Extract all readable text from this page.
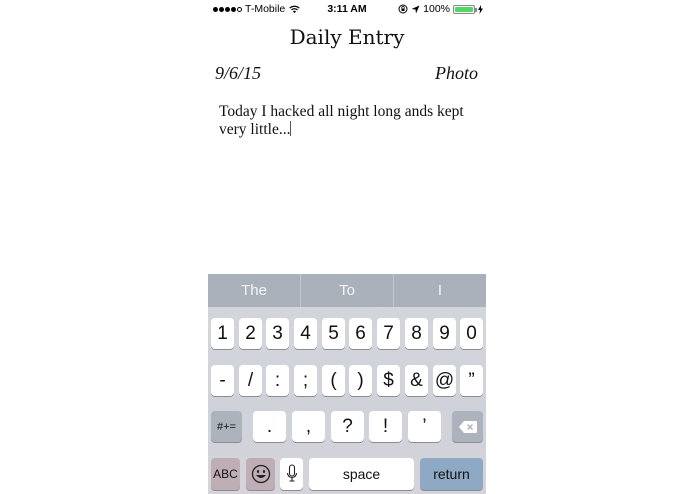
T-Mobile	3:11 AM	100%
Daily Entry
9/6/15	Photo
Today I hacked all night long ands kept very little...
The	To	I
1 2 3 4 5 6 7 8 9 0
-	/	:	;	(	)	$ & @ ”
#+=	.	,	?	!	’
ABC	space	return
